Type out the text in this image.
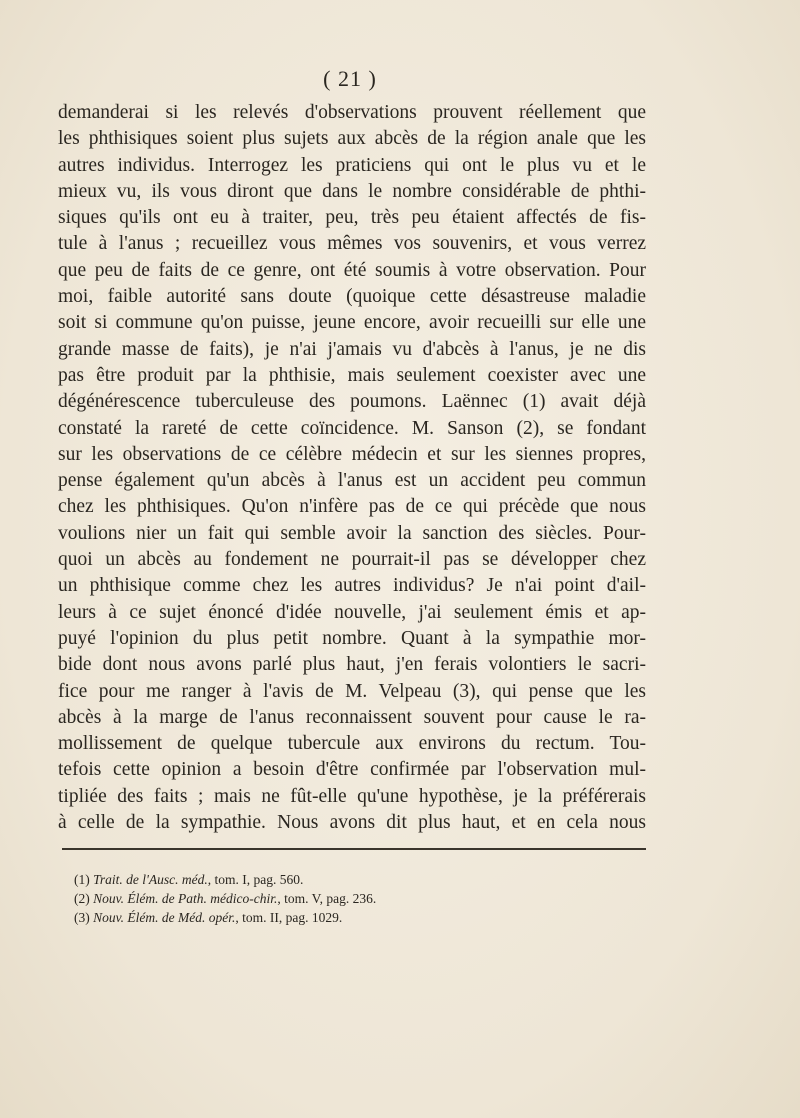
( 21 )
demanderai si les relevés d'observations prouvent réellement que
les phthisiques soient plus sujets aux abcès de la région anale que les
autres individus. Interrogez les praticiens qui ont le plus vu et le
mieux vu, ils vous diront que dans le nombre considérable de phthi-
siques qu'ils ont eu à traiter, peu, très peu étaient affectés de fis-
tule à l'anus ; recueillez vous mêmes vos souvenirs, et vous verrez
que peu de faits de ce genre, ont été soumis à votre observation. Pour
moi, faible autorité sans doute (quoique cette désastreuse maladie
soit si commune qu'on puisse, jeune encore, avoir recueilli sur elle une
grande masse de faits), je n'ai j'amais vu d'abcès à l'anus, je ne dis
pas être produit par la phthisie, mais seulement coexister avec une
dégénérescence tuberculeuse des poumons. Laënnec (1) avait déjà
constaté la rareté de cette coïncidence. M. Sanson (2), se fondant
sur les observations de ce célèbre médecin et sur les siennes propres,
pense également qu'un abcès à l'anus est un accident peu commun
chez les phthisiques. Qu'on n'infère pas de ce qui précède que nous
voulions nier un fait qui semble avoir la sanction des siècles. Pour-
quoi un abcès au fondement ne pourrait-il pas se développer chez
un phthisique comme chez les autres individus? Je n'ai point d'ail-
leurs à ce sujet énoncé d'idée nouvelle, j'ai seulement émis et ap-
puyé l'opinion du plus petit nombre. Quant à la sympathie mor-
bide dont nous avons parlé plus haut, j'en ferais volontiers le sacri-
fice pour me ranger à l'avis de M. Velpeau (3), qui pense que les
abcès à la marge de l'anus reconnaissent souvent pour cause le ra-
mollissement de quelque tubercule aux environs du rectum. Tou-
tefois cette opinion a besoin d'être confirmée par l'observation mul-
tipliée des faits ; mais ne fût-elle qu'une hypothèse, je la préférerais
à celle de la sympathie. Nous avons dit plus haut, et en cela nous
(1) Trait. de l'Ausc. méd., tom. I, pag. 560.
(2) Nouv. Élém. de Path. médico-chir., tom. V, pag. 236.
(3) Nouv. Élém. de Méd. opér., tom. II, pag. 1029.
